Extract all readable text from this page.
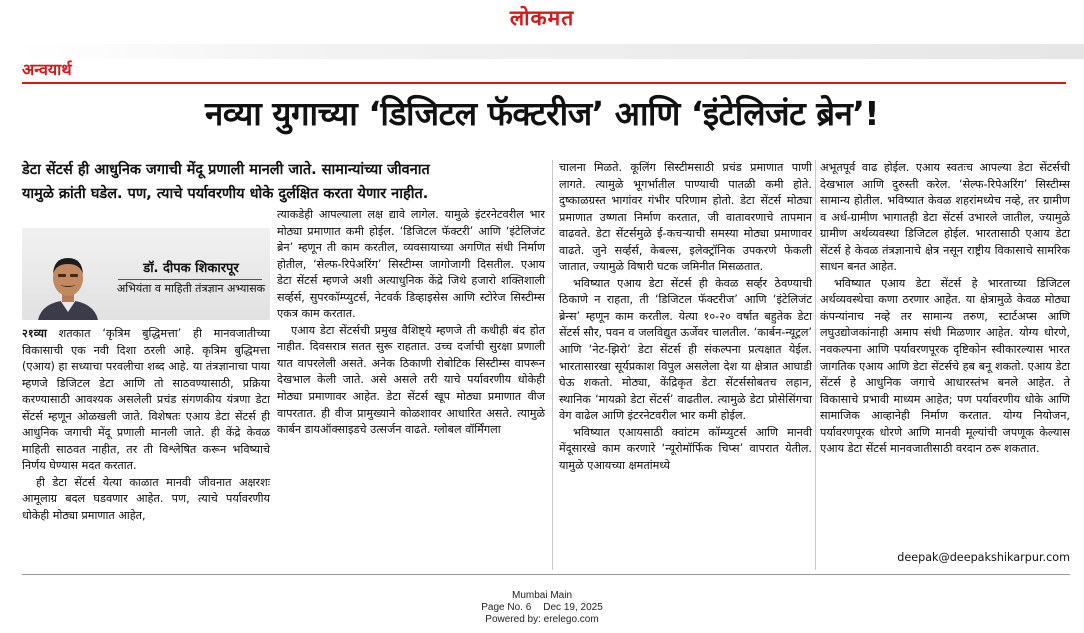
लोकमत
अन्वयार्थ
नव्या युगाच्या ‘डिजिटल फॅक्टरीज’ आणि ‘इंटेलिजंट ब्रेन’!
डेटा सेंटर्स ही आधुनिक जगाची मेंदू प्रणाली मानली जाते. सामान्यांच्या जीवनात
यामुळे क्रांती घडेल. पण, त्याचे पर्यावरणीय धोके दुर्लक्षित करता येणार नाहीत.
डॉ. दीपक शिकारपूर
अभियंता व माहिती तंत्रज्ञान अभ्यासक

२१व्या शतकात ‘कृत्रिम बुद्धिमत्ता’ ही मानवजातीच्या विकासाची एक नवी दिशा ठरली आहे. कृत्रिम बुद्धिमत्ता (एआय) हा सध्याचा परवलीचा शब्द आहे. या तंत्रज्ञानाचा पाया म्हणजे डिजिटल डेटा आणि तो साठवण्यासाठी, प्रक्रिया करण्यासाठी आवश्यक असलेली प्रचंड संगणकीय यंत्रणा डेटा सेंटर्स म्हणून ओळखली जाते. विशेषतः एआय डेटा सेंटर्स ही आधुनिक जगाची मेंदू प्रणाली मानली जाते. ही केंद्रे केवळ माहिती साठवत नाहीत, तर ती विश्लेषित करून भविष्याचे निर्णय घेण्यास मदत करतात.

ही डेटा सेंटर्स येत्या काळात मानवी जीवनात अक्षरशः आमूलाग्र बदल घडवणार आहेत. पण, त्याचे पर्यावरणीय धोकेही मोठ्या प्रमाणात आहेत,

त्याकडेही आपल्याला लक्ष द्यावे लागेल. यामुळे इंटरनेटवरील भार मोठ्या प्रमाणात कमी होईल. ‘डिजिटल फॅक्टरी’ आणि ‘इंटेलिजंट ब्रेन’ म्हणून ती काम करतील, व्यवसायाच्या अगणित संधी निर्माण होतील, ‘सेल्फ-रिपेअरिंग’ सिस्टीम्स जागोजागी दिसतील. एआय डेटा सेंटर्स म्हणजे अशी अत्याधुनिक केंद्रे जिथे हजारो शक्तिशाली सर्व्हर्स, सुपरकॉम्प्युटर्स, नेटवर्क डिव्हाइसेस आणि स्टोरेज सिस्टीम्स एकत्र काम करतात.

एआय डेटा सेंटर्सची प्रमुख वैशिष्ट्ये म्हणजे ती कधीही बंद होत नाहीत. दिवसरात्र सतत सुरू राहतात. उच्च दर्जाची सुरक्षा प्रणाली यात वापरलेली असते. अनेक ठिकाणी रोबोटिक सिस्टीम्स वापरून देखभाल केली जाते. असे असले तरी याचे पर्यावरणीय धोकेही मोठ्या प्रमाणावर आहेत. डेटा सेंटर्स खूप मोठ्या प्रमाणात वीज वापरतात. ही वीज प्रामुख्याने कोळशावर आधारित असते. त्यामुळे कार्बन डायऑक्साइडचे उत्सर्जन वाढते. ग्लोबल वॉर्मिंगला

चालना मिळते. कूलिंग सिस्टीमसाठी प्रचंड प्रमाणात पाणी लागते. त्यामुळे भूगर्भातील पाण्याची पातळी कमी होते. दुष्काळग्रस्त भागांवर गंभीर परिणाम होतो. डेटा सेंटर्स मोठ्या प्रमाणात उष्णता निर्माण करतात, जी वातावरणाचे तापमान वाढवते. डेटा सेंटर्समुळे ई-कचऱ्याची समस्या मोठ्या प्रमाणावर वाढते. जुने सर्व्हर्स, केबल्स, इलेक्ट्रॉनिक उपकरणे फेकली जातात, ज्यामुळे विषारी घटक जमिनीत मिसळतात.

भविष्यात एआय डेटा सेंटर्स ही केवळ सर्व्हर ठेवण्याची ठिकाणे न राहता, ती ‘डिजिटल फॅक्टरीज’ आणि ‘इंटेलिजंट ब्रेन्स’ म्हणून काम करतील. येत्या १०-२० वर्षात बहुतेक डेटा सेंटर्स सौर, पवन व जलविद्युत ऊर्जेवर चालतील. ‘कार्बन-न्यूट्रल’ आणि ‘नेट-झिरो’ डेटा सेंटर्स ही संकल्पना प्रत्यक्षात येईल. भारतासारखा सूर्यप्रकाश विपुल असलेला देश या क्षेत्रात आघाडी घेऊ शकतो. मोठ्या, केंद्रिकृत डेटा सेंटर्ससोबतच लहान, स्थानिक ‘मायक्रो डेटा सेंटर्स’ वाढतील. त्यामुळे डेटा प्रोसेसिंगचा वेग वाढेल आणि इंटरनेटवरील भार कमी होईल.

भविष्यात एआयसाठी क्वांटम कॉम्प्युटर्स आणि मानवी मेंदूसारखे काम करणारे ‘न्यूरोमॉर्फिक चिप्स’ वापरात येतील. यामुळे एआयच्या क्षमतांमध्ये

अभूतपूर्व वाढ होईल. एआय स्वतःच आपल्या डेटा सेंटर्सची देखभाल आणि दुरुस्ती करेल. ‘सेल्फ-रिपेअरिंग’ सिस्टीम्स सामान्य होतील. भविष्यात केवळ शहरांमध्येच नव्हे, तर ग्रामीण व अर्ध-ग्रामीण भागातही डेटा सेंटर्स उभारले जातील, ज्यामुळे ग्रामीण अर्थव्यवस्था डिजिटल होईल. भारतासाठी एआय डेटा सेंटर्स हे केवळ तंत्रज्ञानाचे क्षेत्र नसून राष्ट्रीय विकासाचे सामरिक साधन बनत आहेत.

भविष्यात एआय डेटा सेंटर्स हे भारताच्या डिजिटल अर्थव्यवस्थेचा कणा ठरणार आहेत. या क्षेत्रामुळे केवळ मोठ्या कंपन्यांनाच नव्हे तर सामान्य तरुण, स्टार्टअप्स आणि लघुउद्योजकांनाही अमाप संधी मिळणार आहेत. योग्य धोरणे, नवकल्पना आणि पर्यावरणपूरक दृष्टिकोन स्वीकारल्यास भारत जागतिक एआय आणि डेटा सेंटर्सचे हब बनू शकतो. एआय डेटा सेंटर्स हे आधुनिक जगाचे आधारस्तंभ बनले आहेत. ते विकासाचे प्रभावी माध्यम आहेत; पण पर्यावरणीय धोके आणि सामाजिक आव्हानेही निर्माण करतात. योग्य नियोजन, पर्यावरणपूरक धोरणे आणि मानवी मूल्यांची जपणूक केल्यास एआय डेटा सेंटर्स मानवजातीसाठी वरदान ठरू शकतात.

deepak@deepakshikarpur.com
Mumbai Main
Page No. 6 Dec 19, 2025
Powered by: erelego.com
